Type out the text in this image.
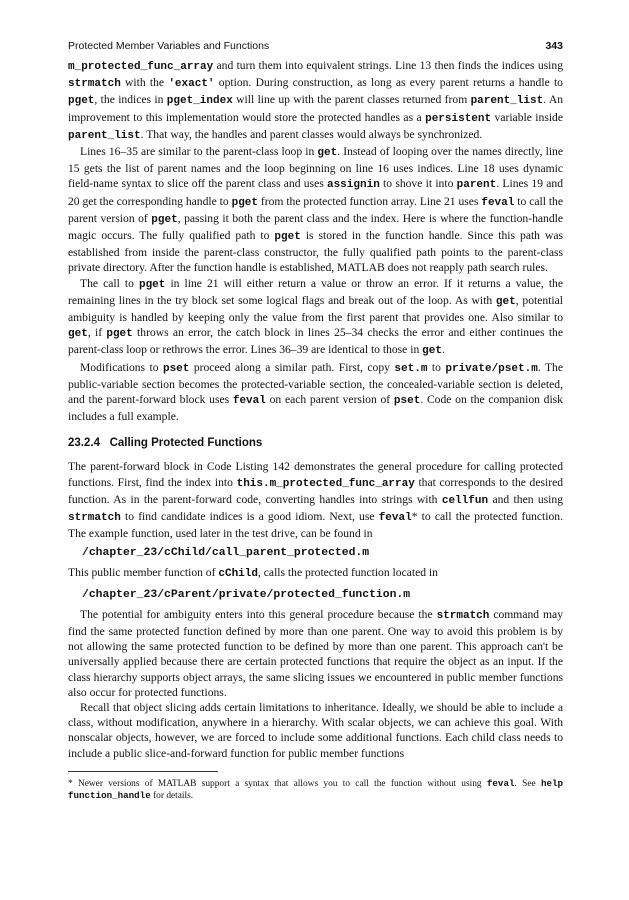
Protected Member Variables and Functions	343

m_protected_func_array and turn them into equivalent strings. Line 13 then finds the indices using strmatch with the 'exact' option. During construction, as long as every parent returns a handle to pget, the indices in pget_index will line up with the parent classes returned from parent_list. An improvement to this implementation would store the protected handles as a persistent variable inside parent_list. That way, the handles and parent classes would always be synchronized.

Lines 16–35 are similar to the parent-class loop in get. Instead of looping over the names directly, line 15 gets the list of parent names and the loop beginning on line 16 uses indices. Line 18 uses dynamic field-name syntax to slice off the parent class and uses assignin to shove it into parent. Lines 19 and 20 get the corresponding handle to pget from the protected function array. Line 21 uses feval to call the parent version of pget, passing it both the parent class and the index. Here is where the function-handle magic occurs. The fully qualified path to pget is stored in the function handle. Since this path was established from inside the parent-class constructor, the fully qualified path points to the parent-class private directory. After the function handle is established, MATLAB does not reapply path search rules.

The call to pget in line 21 will either return a value or throw an error. If it returns a value, the remaining lines in the try block set some logical flags and break out of the loop. As with get, potential ambiguity is handled by keeping only the value from the first parent that provides one. Also similar to get, if pget throws an error, the catch block in lines 25–34 checks the error and either continues the parent-class loop or rethrows the error. Lines 36–39 are identical to those in get.

Modifications to pset proceed along a similar path. First, copy set.m to private/pset.m. The public-variable section becomes the protected-variable section, the concealed-variable section is deleted, and the parent-forward block uses feval on each parent version of pset. Code on the companion disk includes a full example.

23.2.4 Calling Protected Functions

The parent-forward block in Code Listing 142 demonstrates the general procedure for calling protected functions. First, find the index into this.m_protected_func_array that corresponds to the desired function. As in the parent-forward code, converting handles into strings with cellfun and then using strmatch to find candidate indices is a good idiom. Next, use feval* to call the protected function. The example function, used later in the test drive, can be found in

/chapter_23/cChild/call_parent_protected.m

This public member function of cChild, calls the protected function located in

/chapter_23/cParent/private/protected_function.m

The potential for ambiguity enters into this general procedure because the strmatch command may find the same protected function defined by more than one parent. One way to avoid this problem is by not allowing the same protected function to be defined by more than one parent. This approach can't be universally applied because there are certain protected functions that require the object as an input. If the class hierarchy supports object arrays, the same slicing issues we encountered in public member functions also occur for protected functions.

Recall that object slicing adds certain limitations to inheritance. Ideally, we should be able to include a class, without modification, anywhere in a hierarchy. With scalar objects, we can achieve this goal. With nonscalar objects, however, we are forced to include some additional functions. Each child class needs to include a public slice-and-forward function for public member functions

* Newer versions of MATLAB support a syntax that allows you to call the function without using feval. See help function_handle for details.
